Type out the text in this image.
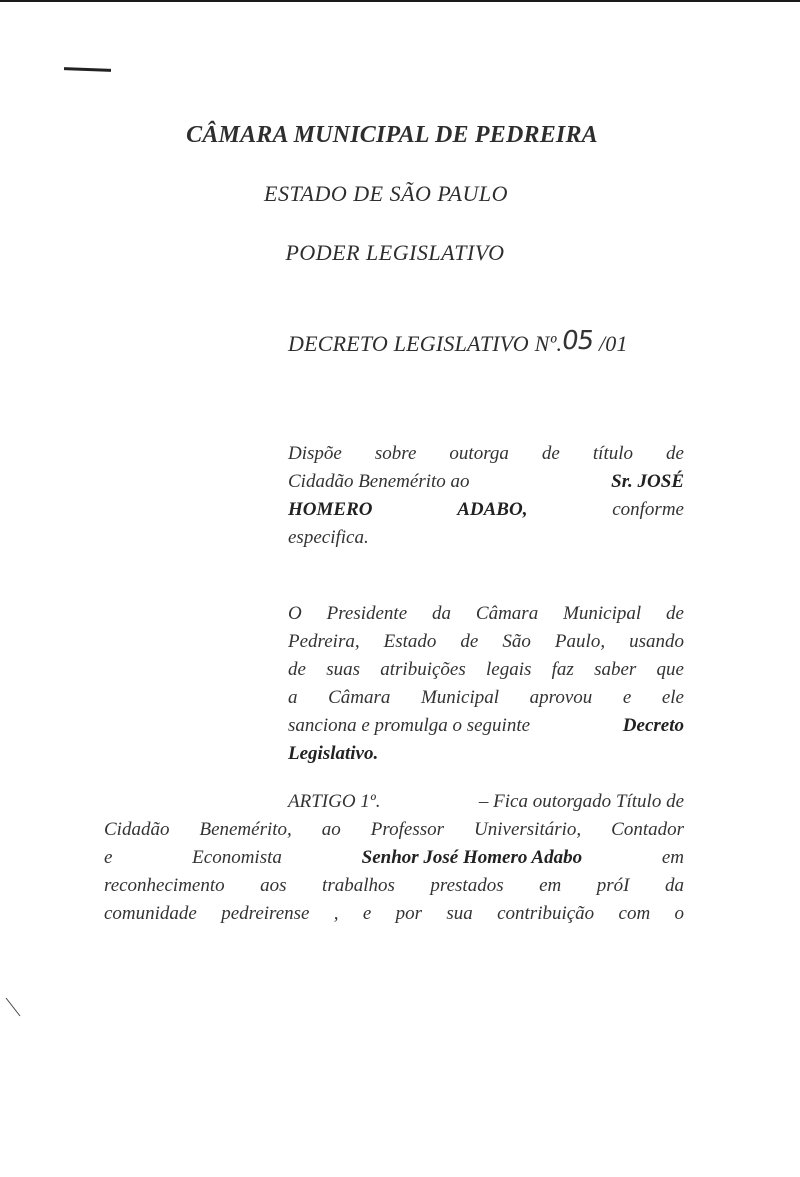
CÂMARA MUNICIPAL DE PEDREIRA
ESTADO DE SÃO PAULO
PODER LEGISLATIVO
DECRETO LEGISLATIVO Nº.05 /01
Dispõe sobre outorga de título de
Cidadão Benemérito ao	Sr. JOSÉ
HOMERO	ADABO,	conforme
especifica.
O Presidente da Câmara Municipal de
Pedreira, Estado de São Paulo, usando
de suas atribuições legais faz saber que
a Câmara Municipal aprovou e ele
sanciona e promulga o seguinte	Decreto
Legislativo.
ARTIGO 1º.	– Fica outorgado Título de
Cidadão Benemérito, ao Professor Universitário, Contador
e	Economista	Senhor José Homero Adabo	em
reconhecimento aos trabalhos prestados em próI da
comunidade pedreirense , e por sua contribuição com o
